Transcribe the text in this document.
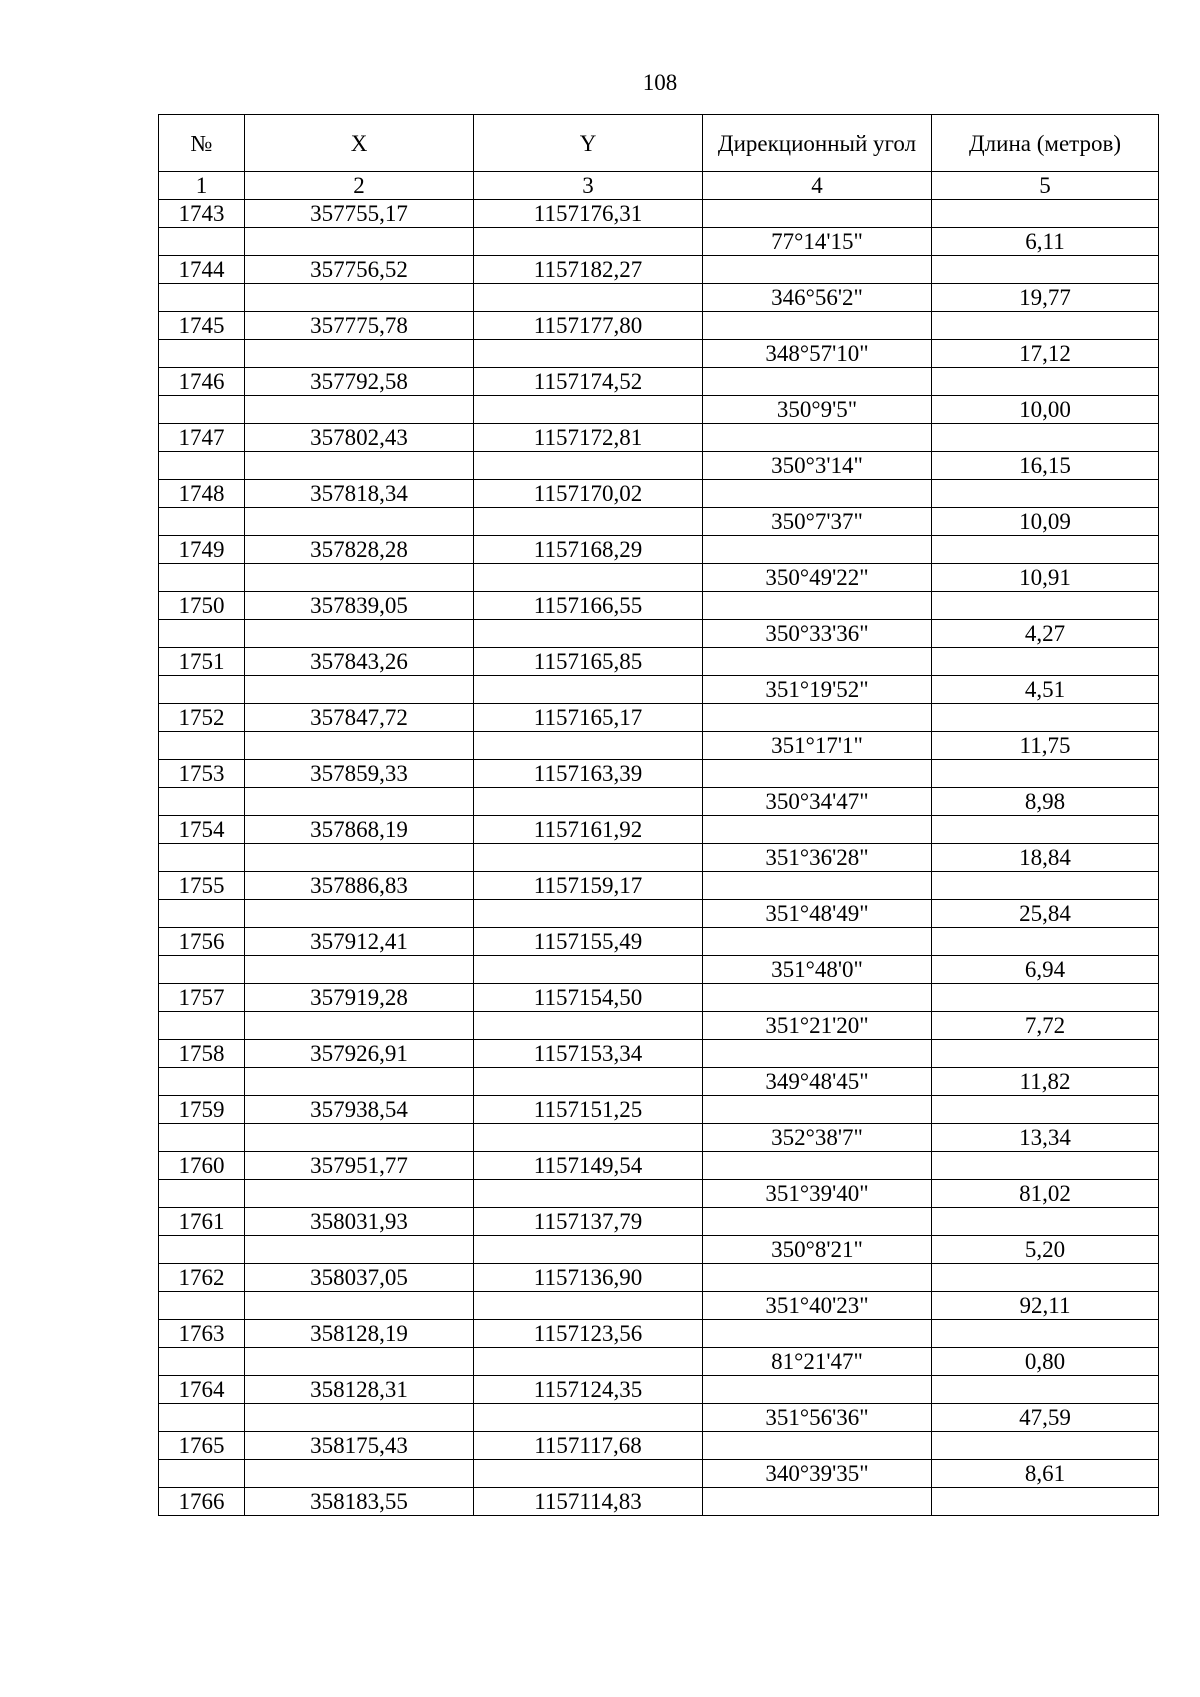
108
№	X	Y	Дирекционный угол	Длина (метров)
1	2	3	4	5
1743	357755,17	1157176,31		
			77°14'15"	6,11
1744	357756,52	1157182,27		
			346°56'2"	19,77
1745	357775,78	1157177,80		
			348°57'10"	17,12
1746	357792,58	1157174,52		
			350°9'5"	10,00
1747	357802,43	1157172,81		
			350°3'14"	16,15
1748	357818,34	1157170,02		
			350°7'37"	10,09
1749	357828,28	1157168,29		
			350°49'22"	10,91
1750	357839,05	1157166,55		
			350°33'36"	4,27
1751	357843,26	1157165,85		
			351°19'52"	4,51
1752	357847,72	1157165,17		
			351°17'1"	11,75
1753	357859,33	1157163,39		
			350°34'47"	8,98
1754	357868,19	1157161,92		
			351°36'28"	18,84
1755	357886,83	1157159,17		
			351°48'49"	25,84
1756	357912,41	1157155,49		
			351°48'0"	6,94
1757	357919,28	1157154,50		
			351°21'20"	7,72
1758	357926,91	1157153,34		
			349°48'45"	11,82
1759	357938,54	1157151,25		
			352°38'7"	13,34
1760	357951,77	1157149,54		
			351°39'40"	81,02
1761	358031,93	1157137,79		
			350°8'21"	5,20
1762	358037,05	1157136,90		
			351°40'23"	92,11
1763	358128,19	1157123,56		
			81°21'47"	0,80
1764	358128,31	1157124,35		
			351°56'36"	47,59
1765	358175,43	1157117,68		
			340°39'35"	8,61
1766	358183,55	1157114,83		
